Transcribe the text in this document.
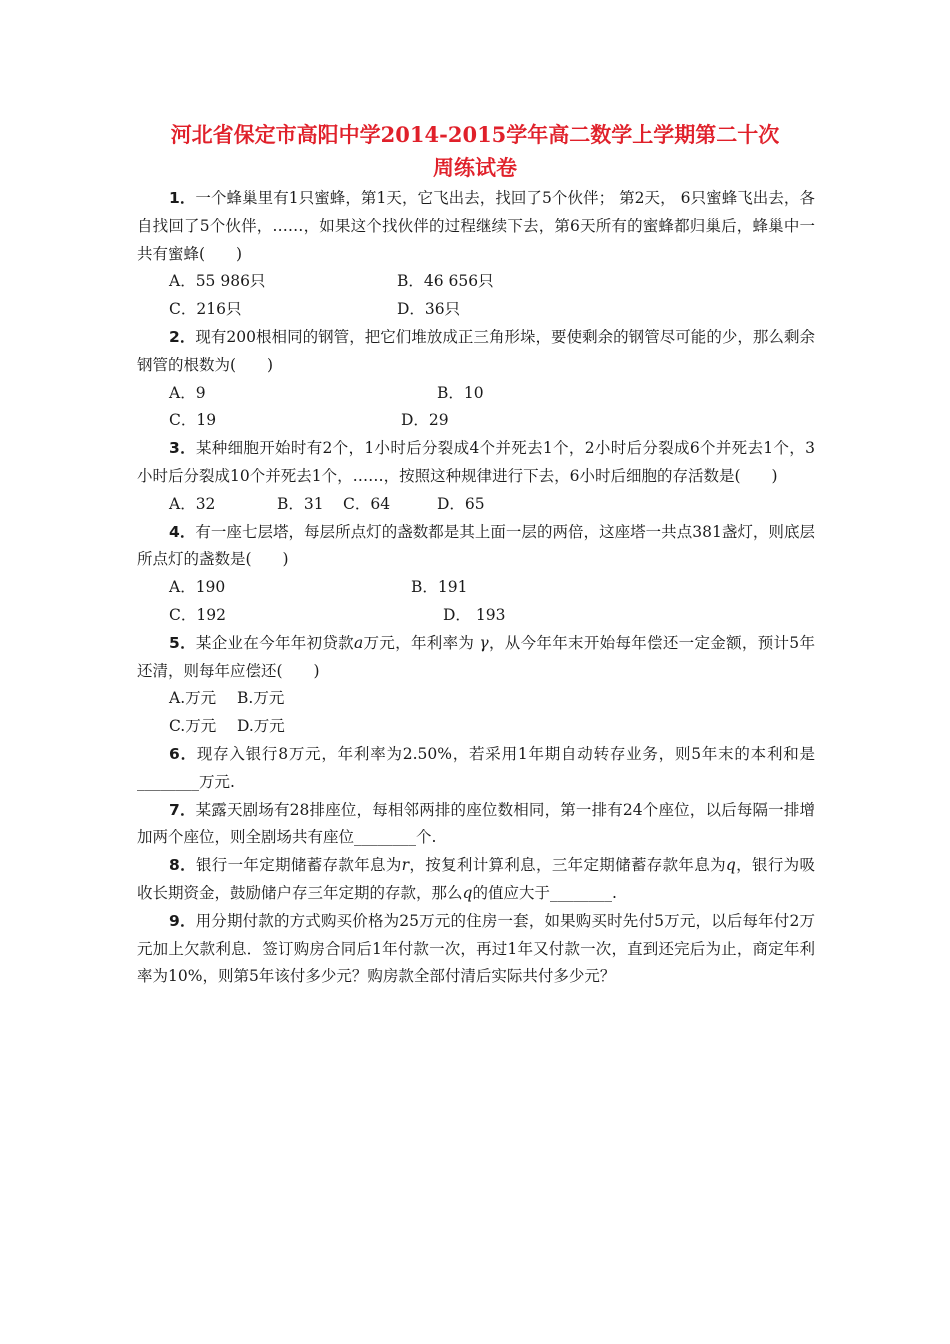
河北省保定市高阳中学2014-2015学年高二数学上学期第二十次
周练试卷

1．一个蜂巢里有1只蜜蜂，第1天，它飞出去，找回了5个伙伴； 第2天， 6只蜜蜂飞出去，各自找回了5个伙伴，……，如果这个找伙伴的过程继续下去，第6天所有的蜜蜂都归巢后，蜂巢中一共有蜜蜂(　　)

A．55 986只	B．46 656只
C．216只	D．36只

2．现有200根相同的钢管，把它们堆放成正三角形垛，要使剩余的钢管尽可能的少，那么剩余钢管的根数为(　　)

A．9	B．10
C．19	D．29

3．某种细胞开始时有2个，1小时后分裂成4个并死去1个，2小时后分裂成6个并死去1个，3小时后分裂成10个并死去1个，……，按照这种规律进行下去，6小时后细胞的存活数是(　　)

A．32	B．31 C．64	D．65

4．有一座七层塔，每层所点灯的盏数都是其上面一层的两倍，这座塔一共点381盏灯，则底层所点灯的盏数是(　　)

A．190	B．191
C．192	D． 193

5．某企业在今年年初贷款a万元，年利率为 γ，从今年年末开始每年偿还一定金额，预计5年还清，则每年应偿还(　　)

A.万元 B.万元
C.万元 D.万元

6．现存入银行8万元，年利率为2.50%，若采用1年期自动转存业务，则5年末的本利和是________万元.

7．某露天剧场有28排座位，每相邻两排的座位数相同，第一排有24个座位，以后每隔一排增加两个座位，则全剧场共有座位________个.

8．银行一年定期储蓄存款年息为r，按复利计算利息，三年定期储蓄存款年息为q，银行为吸收长期资金，鼓励储户存三年定期的存款，那么q的值应大于________.

9．用分期付款的方式购买价格为25万元的住房一套，如果购买时先付5万元，以后每年付2万元加上欠款利息．签订购房合同后1年付款一次，再过1年又付款一次，直到还完后为止，商定年利率为10%，则第5年该付多少元？购房款全部付清后实际共付多少元？
